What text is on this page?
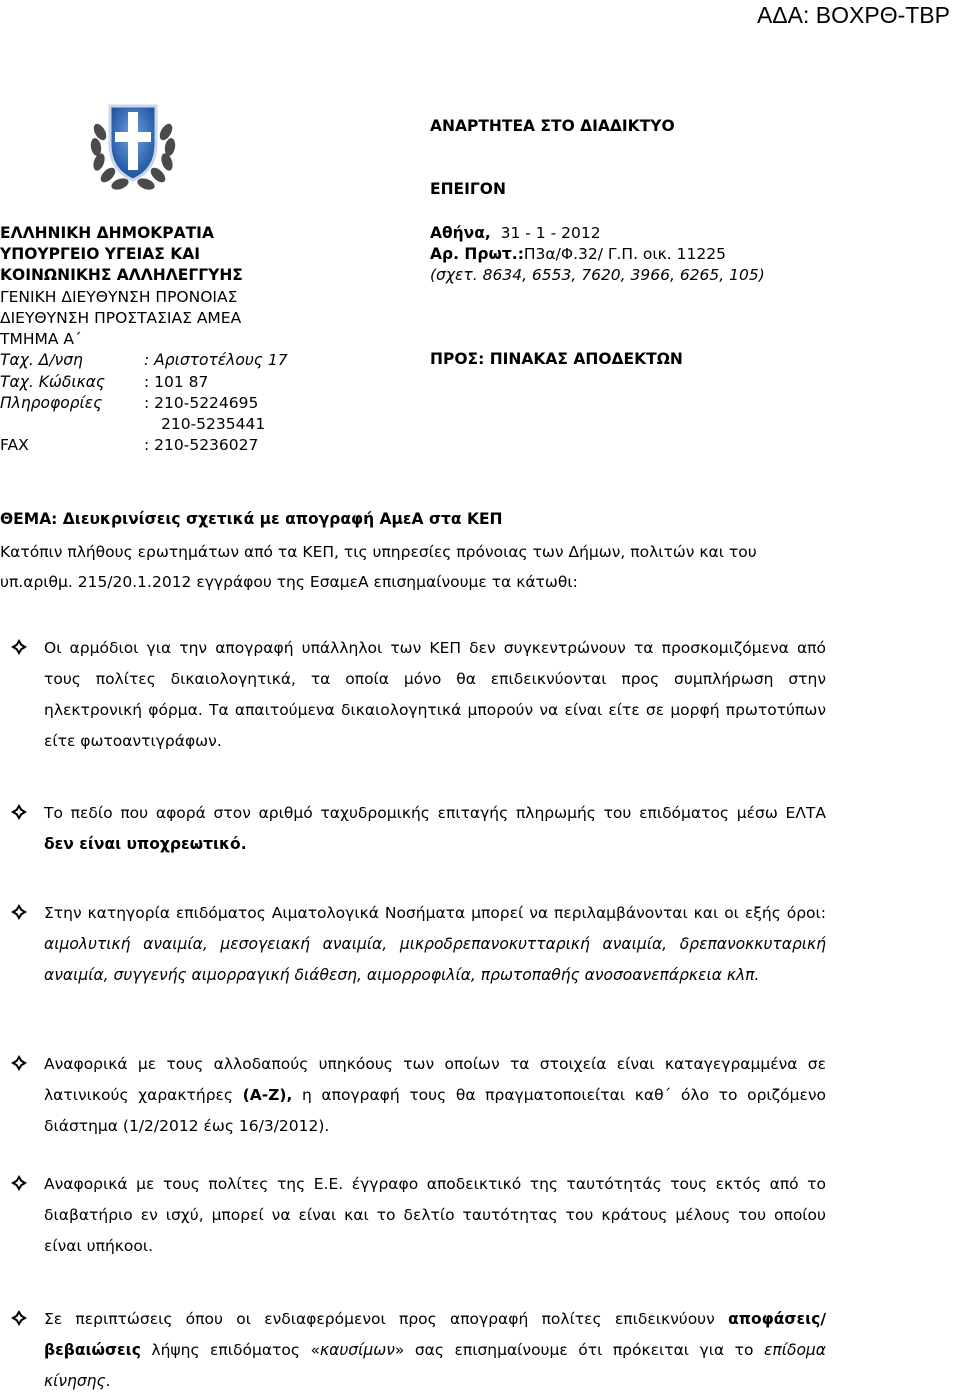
ΑΔΑ: ΒΟΧΡΘ-ΤΒΡ
ΑΝΑΡΤΗΤΕΑ ΣΤΟ ΔΙΑΔΙΚΤΥΟ
ΕΠΕΙΓΟΝ
ΕΛΛΗΝΙΚΗ ΔΗΜΟΚΡΑΤΙΑ
ΥΠΟΥΡΓΕΙΟ ΥΓΕΙΑΣ ΚΑΙ
ΚΟΙΝΩΝΙΚΗΣ ΑΛΛΗΛΕΓΓΥΗΣ
ΓΕΝΙΚΗ ΔΙΕΥΘΥΝΣΗ ΠΡΟΝΟΙΑΣ
ΔΙΕΥΘΥΝΣΗ ΠΡΟΣΤΑΣΙΑΣ ΑΜΕΑ
ΤΜΗΜΑ Α΄
Ταχ. Δ/νση	: Αριστοτέλους 17
Ταχ. Κώδικας	: 101 87
Πληροφορίες	: 210-5224695
210-5235441
FAX	: 210-5236027
Αθήνα, 31 - 1 - 2012
Αρ. Πρωτ.:Π3α/Φ.32/ Γ.Π. οικ. 11225
(σχετ. 8634, 6553, 7620, 3966, 6265, 105)
ΠΡΟΣ: ΠΙΝΑΚΑΣ ΑΠΟΔΕΚΤΩΝ
ΘΕΜΑ: Διευκρινίσεις σχετικά με απογραφή ΑμεΑ στα ΚΕΠ
Κατόπιν πλήθους ερωτημάτων από τα ΚΕΠ, τις υπηρεσίες πρόνοιας των Δήμων, πολιτών και του υπ.αριθμ. 215/20.1.2012 εγγράφου της ΕσαμεΑ επισημαίνουμε τα κάτωθι:
Οι αρμόδιοι για την απογραφή υπάλληλοι των ΚΕΠ δεν συγκεντρώνουν τα προσκομιζόμενα από τους πολίτες δικαιολογητικά, τα οποία μόνο θα επιδεικνύονται προς συμπλήρωση στην ηλεκτρονική φόρμα. Τα απαιτούμενα δικαιολογητικά μπορούν να είναι είτε σε μορφή πρωτοτύπων είτε φωτοαντιγράφων.
Το πεδίο που αφορά στον αριθμό ταχυδρομικής επιταγής πληρωμής του επιδόματος μέσω ΕΛΤΑ δεν είναι υποχρεωτικό.
Στην κατηγορία επιδόματος Αιματολογικά Νοσήματα μπορεί να περιλαμβάνονται και οι εξής όροι: αιμολυτική αναιμία, μεσογειακή αναιμία, μικροδρεπανοκυτταρική αναιμία, δρεπανοκκυταρική αναιμία, συγγενής αιμορραγική διάθεση, αιμορροφιλία, πρωτοπαθής ανοσοανεπάρκεια κλπ.
Αναφορικά με τους αλλοδαπούς υπηκόους των οποίων τα στοιχεία είναι καταγεγραμμένα σε λατινικούς χαρακτήρες (A-Z), η απογραφή τους θα πραγματοποιείται καθ΄ όλο το οριζόμενο διάστημα (1/2/2012 έως 16/3/2012).
Αναφορικά με τους πολίτες της Ε.Ε. έγγραφο αποδεικτικό της ταυτότητάς τους εκτός από το διαβατήριο εν ισχύ, μπορεί να είναι και το δελτίο ταυτότητας του κράτους μέλους του οποίου είναι υπήκοοι.
Σε περιπτώσεις όπου οι ενδιαφερόμενοι προς απογραφή πολίτες επιδεικνύουν αποφάσεις/βεβαιώσεις λήψης επιδόματος «καυσίμων» σας επισημαίνουμε ότι πρόκειται για το επίδομα κίνησης.
